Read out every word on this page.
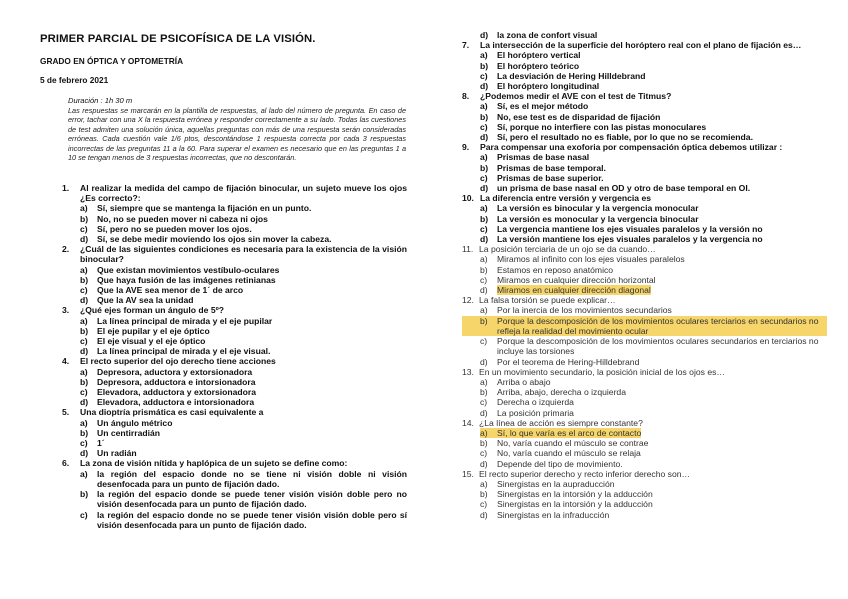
PRIMER PARCIAL DE PSICOFÍSICA DE LA VISIÓN.
GRADO EN ÓPTICA Y OPTOMETRÍA
5 de febrero 2021
Duración : 1h 30 m
Las respuestas se marcarán en la plantilla de respuestas, al lado del número de pregunta. En caso de error, tachar con una X la respuesta errónea y responder correctamente a su lado. Todas las cuestiones de test admiten una solución única, aquellas preguntas con más de una respuesta serán consideradas erróneas. Cada cuestión vale 1/6 ptos, descontándose 1 respuesta correcta por cada 3 respuestas incorrectas de las preguntas 11 a la 60. Para superar el examen es necesario que en las preguntas 1 a 10 se tengan menos de 3 respuestas incorrectas, que no descontarán.
1.	Al realizar la medida del campo de fijación binocular, un sujeto mueve los ojos ¿Es correcto?:
a)	Sí, siempre que se mantenga la fijación en un punto.
b)	No, no se pueden mover ni cabeza ni ojos
c)	Sí, pero no se pueden mover los ojos.
d)	Sí, se debe medir moviendo los ojos sin mover la cabeza.
2.	¿Cuál de las siguientes condiciones es necesaria para la existencia de la visión binocular?
a)	Que existan movimientos vestíbulo-oculares
b)	Que haya fusión de las imágenes retinianas
c)	Que la AVE sea menor de 1´ de arco
d)	Que la AV sea la unidad
3.	¿Qué ejes forman un ángulo de 5º?
a)	La línea principal de mirada y el eje pupilar
b)	El eje pupilar y el eje óptico
c)	El eje visual y el eje óptico
d)	La línea principal de mirada y el eje visual.
4.	El recto superior del ojo derecho tiene acciones
a)	Depresora, aductora y extorsionadora
b)	Depresora, adductora e intorsionadora
c)	Elevadora, adductora y extorsionadora
d)	Elevadora, adductora e intorsionadora
5.	Una dioptría prismática es casi equivalente a
a)	Un ángulo métrico
b)	Un centirradián
c)	1´
d)	Un radián
6.	La zona de visión nítida y haplópica de un sujeto se define como:
a)	la región del espacio donde no se tiene ni visión doble ni visión desenfocada para un punto de fijación dado.
b)	la región del espacio donde se puede tener visión visión doble pero no visión desenfocada para un punto de fijación dado.
c)	la región del espacio donde no se puede tener visión visión doble pero sí visión desenfocada para un punto de fijación dado.
d)	la zona de confort visual
7.	La intersección de la superficie del horóptero real con el plano de fijación es…
a)	El horóptero vertical
b)	El horóptero teórico
c)	La desviación de Hering Hilldebrand
d)	El horóptero longitudinal
8.	¿Podemos medir el AVE con el test de Titmus?
a)	Sí, es el mejor método
b)	No, ese test es de disparidad de fijación
c)	Sí, porque no interfiere con las pistas monoculares
d)	Sí, pero el resultado no es fiable, por lo que no se recomienda.
9.	Para compensar una exoforia por compensación óptica debemos utilizar :
a)	Prismas de base nasal
b)	Prismas de base temporal.
c)	Prismas de base superior.
d)	un prisma de base nasal en OD y otro de base temporal en OI.
10. La diferencia entre versión y vergencia es
a)	La versión es binocular y la vergencia monocular
b)	La versión es monocular y la vergencia binocular
c)	La vergencia mantiene los ejes visuales paralelos y la versión no
d)	La versión mantiene los ejes visuales paralelos y la vergencia no
11. La posición terciaria de un ojo se da cuando…
a)	Miramos al infinito con los ejes visuales paralelos
b)	Estamos en reposo anatómico
c)	Miramos en cualquier dirección horizontal
d)	Miramos en cualquier dirección diagonal
12. La falsa torsión se puede explicar…
a)	Por la inercia de los movimientos secundarios
b)	Porque la descomposición de los movimientos oculares terciarios en secundarios no refleja la realidad del movimiento ocular
c)	Porque la descomposición de los movimientos oculares secundarios en terciarios no incluye las torsiones
d)	Por el teorema de Hering-Hilldebrand
13. En un movimiento secundario, la posición inicial de los ojos es…
a)	Arriba o abajo
b)	Arriba, abajo, derecha o izquierda
c)	Derecha o izquierda
d)	La posición primaria
14. ¿La línea de acción es siempre constante?
a)	Sí, lo que varía es el arco de contacto
b)	No, varía cuando el músculo se contrae
c)	No, varía cuando el músculo se relaja
d)	Depende del tipo de movimiento.
15. El recto superior derecho y recto inferior derecho son…
a)	Sinergistas en la aupraducción
b)	Sinergistas en la intorsión y la adducción
c)	Sinergistas en la intorsión y la adducción
d)	Sinergistas en la infraducción
